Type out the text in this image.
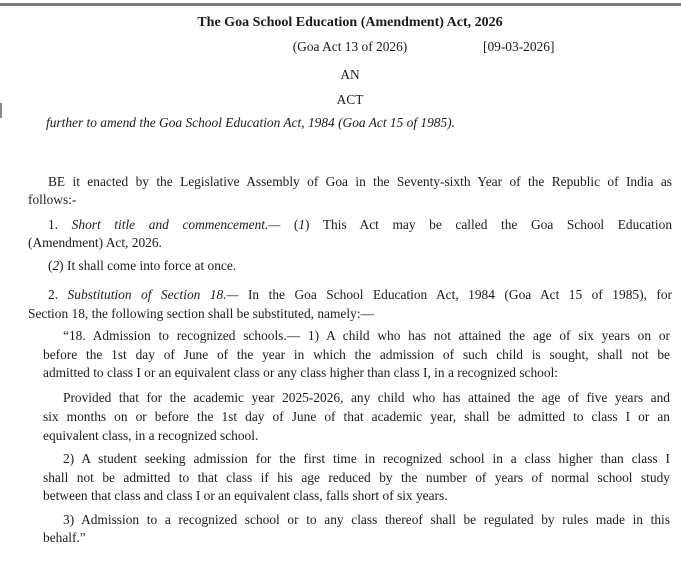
The Goa School Education (Amendment) Act, 2026
(Goa Act 13 of 2026)
AN
ACT
further to amend the Goa School Education Act, 1984 (Goa Act 15 of 1985).
[09-03-2026]
BE it enacted by the Legislative Assembly of Goa in the Seventy-sixth Year of the Republic of India as
follows:-
1. Short title and commencement.— (1) This Act may be called the Goa School Education
(Amendment) Act, 2026.
(2) It shall come into force at once.
2. Substitution of Section 18.— In the Goa School Education Act, 1984 (Goa Act 15 of 1985), for
Section 18, the following section shall be substituted, namely:—
“18. Admission to recognized schools.— 1) A child who has not attained the age of six years on or
before the 1st day of June of the year in which the admission of such child is sought, shall not be
admitted to class I or an equivalent class or any class higher than class I, in a recognized school:
Provided that for the academic year 2025-2026, any child who has attained the age of five years and
six months on or before the 1st day of June of that academic year, shall be admitted to class I or an
equivalent class, in a recognized school.
2) A student seeking admission for the first time in recognized school in a class higher than class I
shall not be admitted to that class if his age reduced by the number of years of normal school study
between that class and class I or an equivalent class, falls short of six years.
3) Admission to a recognized school or to any class thereof shall be regulated by rules made in this
behalf.”
